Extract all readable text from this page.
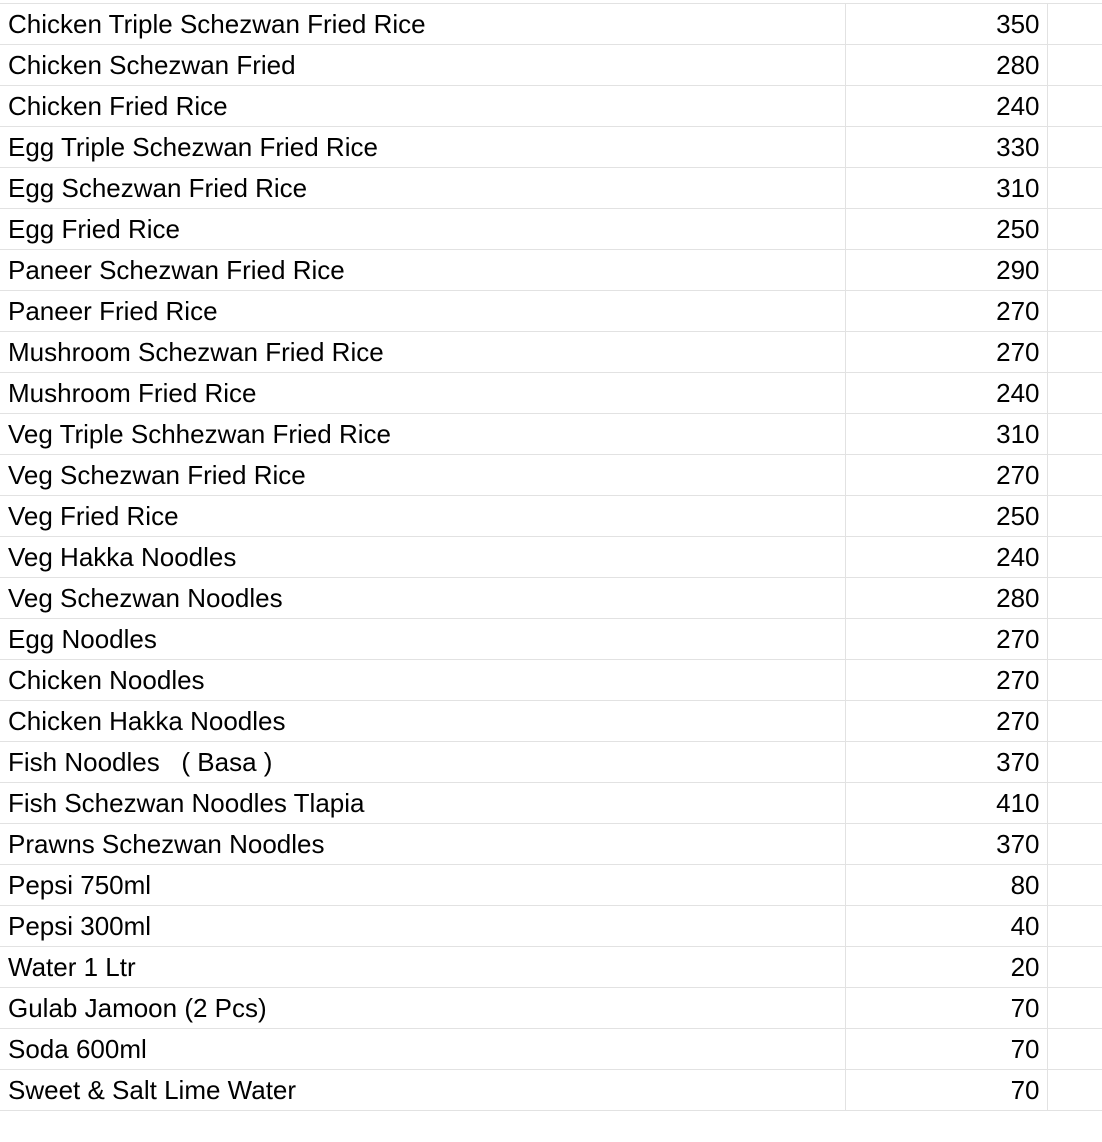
Chicken Triple Schezwan Fried Rice	350	
Chicken Schezwan Fried	280	
Chicken Fried Rice	240	
Egg Triple Schezwan Fried Rice	330	
Egg Schezwan Fried Rice	310	
Egg Fried Rice	250	
Paneer Schezwan Fried Rice	290	
Paneer Fried Rice	270	
Mushroom Schezwan Fried Rice	270	
Mushroom Fried Rice	240	
Veg Triple Schhezwan Fried Rice	310	
Veg Schezwan Fried Rice	270	
Veg Fried Rice	250	
Veg Hakka Noodles	240	
Veg Schezwan Noodles	280	
Egg Noodles	270	
Chicken Noodles	270	
Chicken Hakka Noodles	270	
Fish Noodles   ( Basa )	370	
Fish Schezwan Noodles Tlapia	410	
Prawns Schezwan Noodles	370	
Pepsi 750ml	80	
Pepsi 300ml	40	
Water 1 Ltr	20	
Gulab Jamoon (2 Pcs)	70	
Soda 600ml	70	
Sweet & Salt Lime Water	70	
